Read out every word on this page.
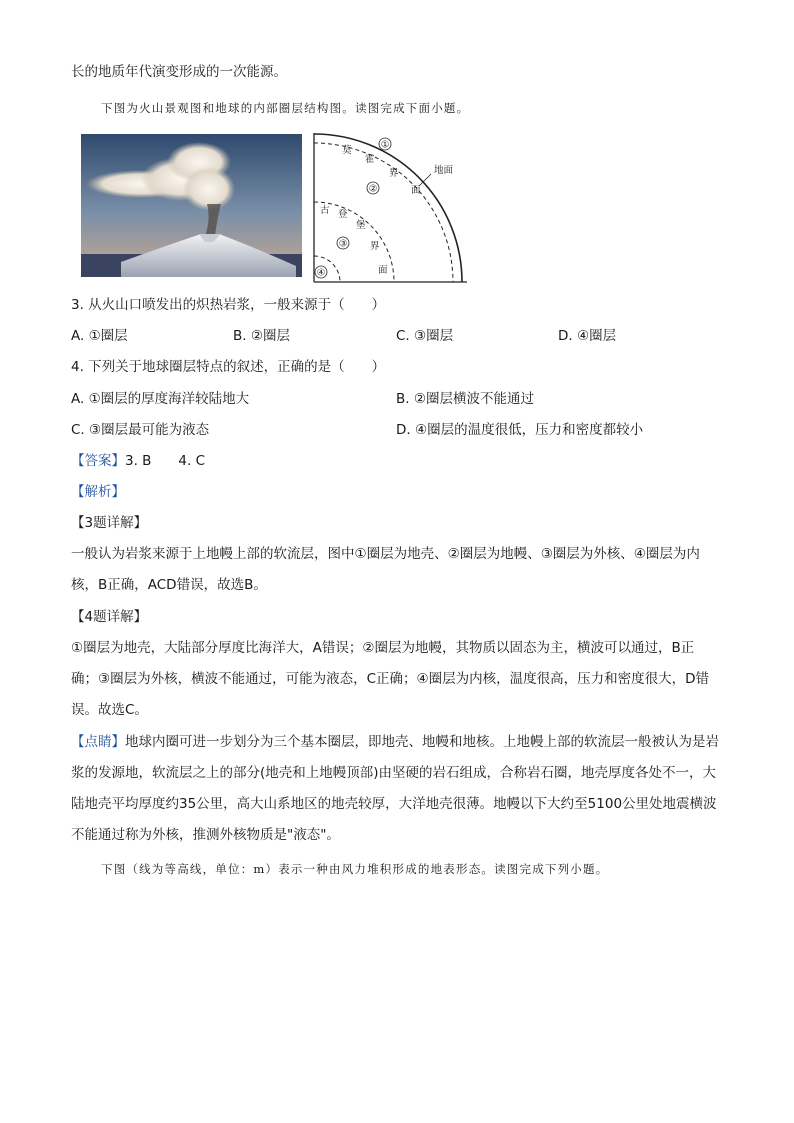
长的地质年代演变形成的一次能源。
下图为火山景观图和地球的内部圈层结构图。读图完成下面小题。
①
莫
霍
界
面
②
地面
古 登
堡
界
面
③
④
3. 从火山口喷发出的炽热岩浆，一般来源于（　　）
A. ①圈层	B. ②圈层	C. ③圈层	D. ④圈层
4. 下列关于地球圈层特点的叙述，正确的是（　　）
A. ①圈层的厚度海洋较陆地大	B. ②圈层横波不能通过
C. ③圈层最可能为液态	D. ④圈层的温度很低，压力和密度都较小
【答案】3. B　　4. C
【解析】
【3题详解】
一般认为岩浆来源于上地幔上部的软流层，图中①圈层为地壳、②圈层为地幔、③圈层为外核、④圈层为内核，B正确，ACD错误，故选B。
【4题详解】
①圈层为地壳，大陆部分厚度比海洋大，A错误；②圈层为地幔，其物质以固态为主，横波可以通过，B正确；③圈层为外核，横波不能通过，可能为液态，C正确；④圈层为内核，温度很高，压力和密度很大，D错误。故选C。
【点睛】地球内圈可进一步划分为三个基本圈层，即地壳、地幔和地核。上地幔上部的软流层一般被认为是岩浆的发源地，软流层之上的部分(地壳和上地幔顶部)由坚硬的岩石组成，合称岩石圈，地壳厚度各处不一，大陆地壳平均厚度约35公里，高大山系地区的地壳较厚，大洋地壳很薄。地幔以下大约至5100公里处地震横波不能通过称为外核，推测外核物质是"液态"。
下图（线为等高线，单位：m）表示一种由风力堆积形成的地表形态。读图完成下列小题。
